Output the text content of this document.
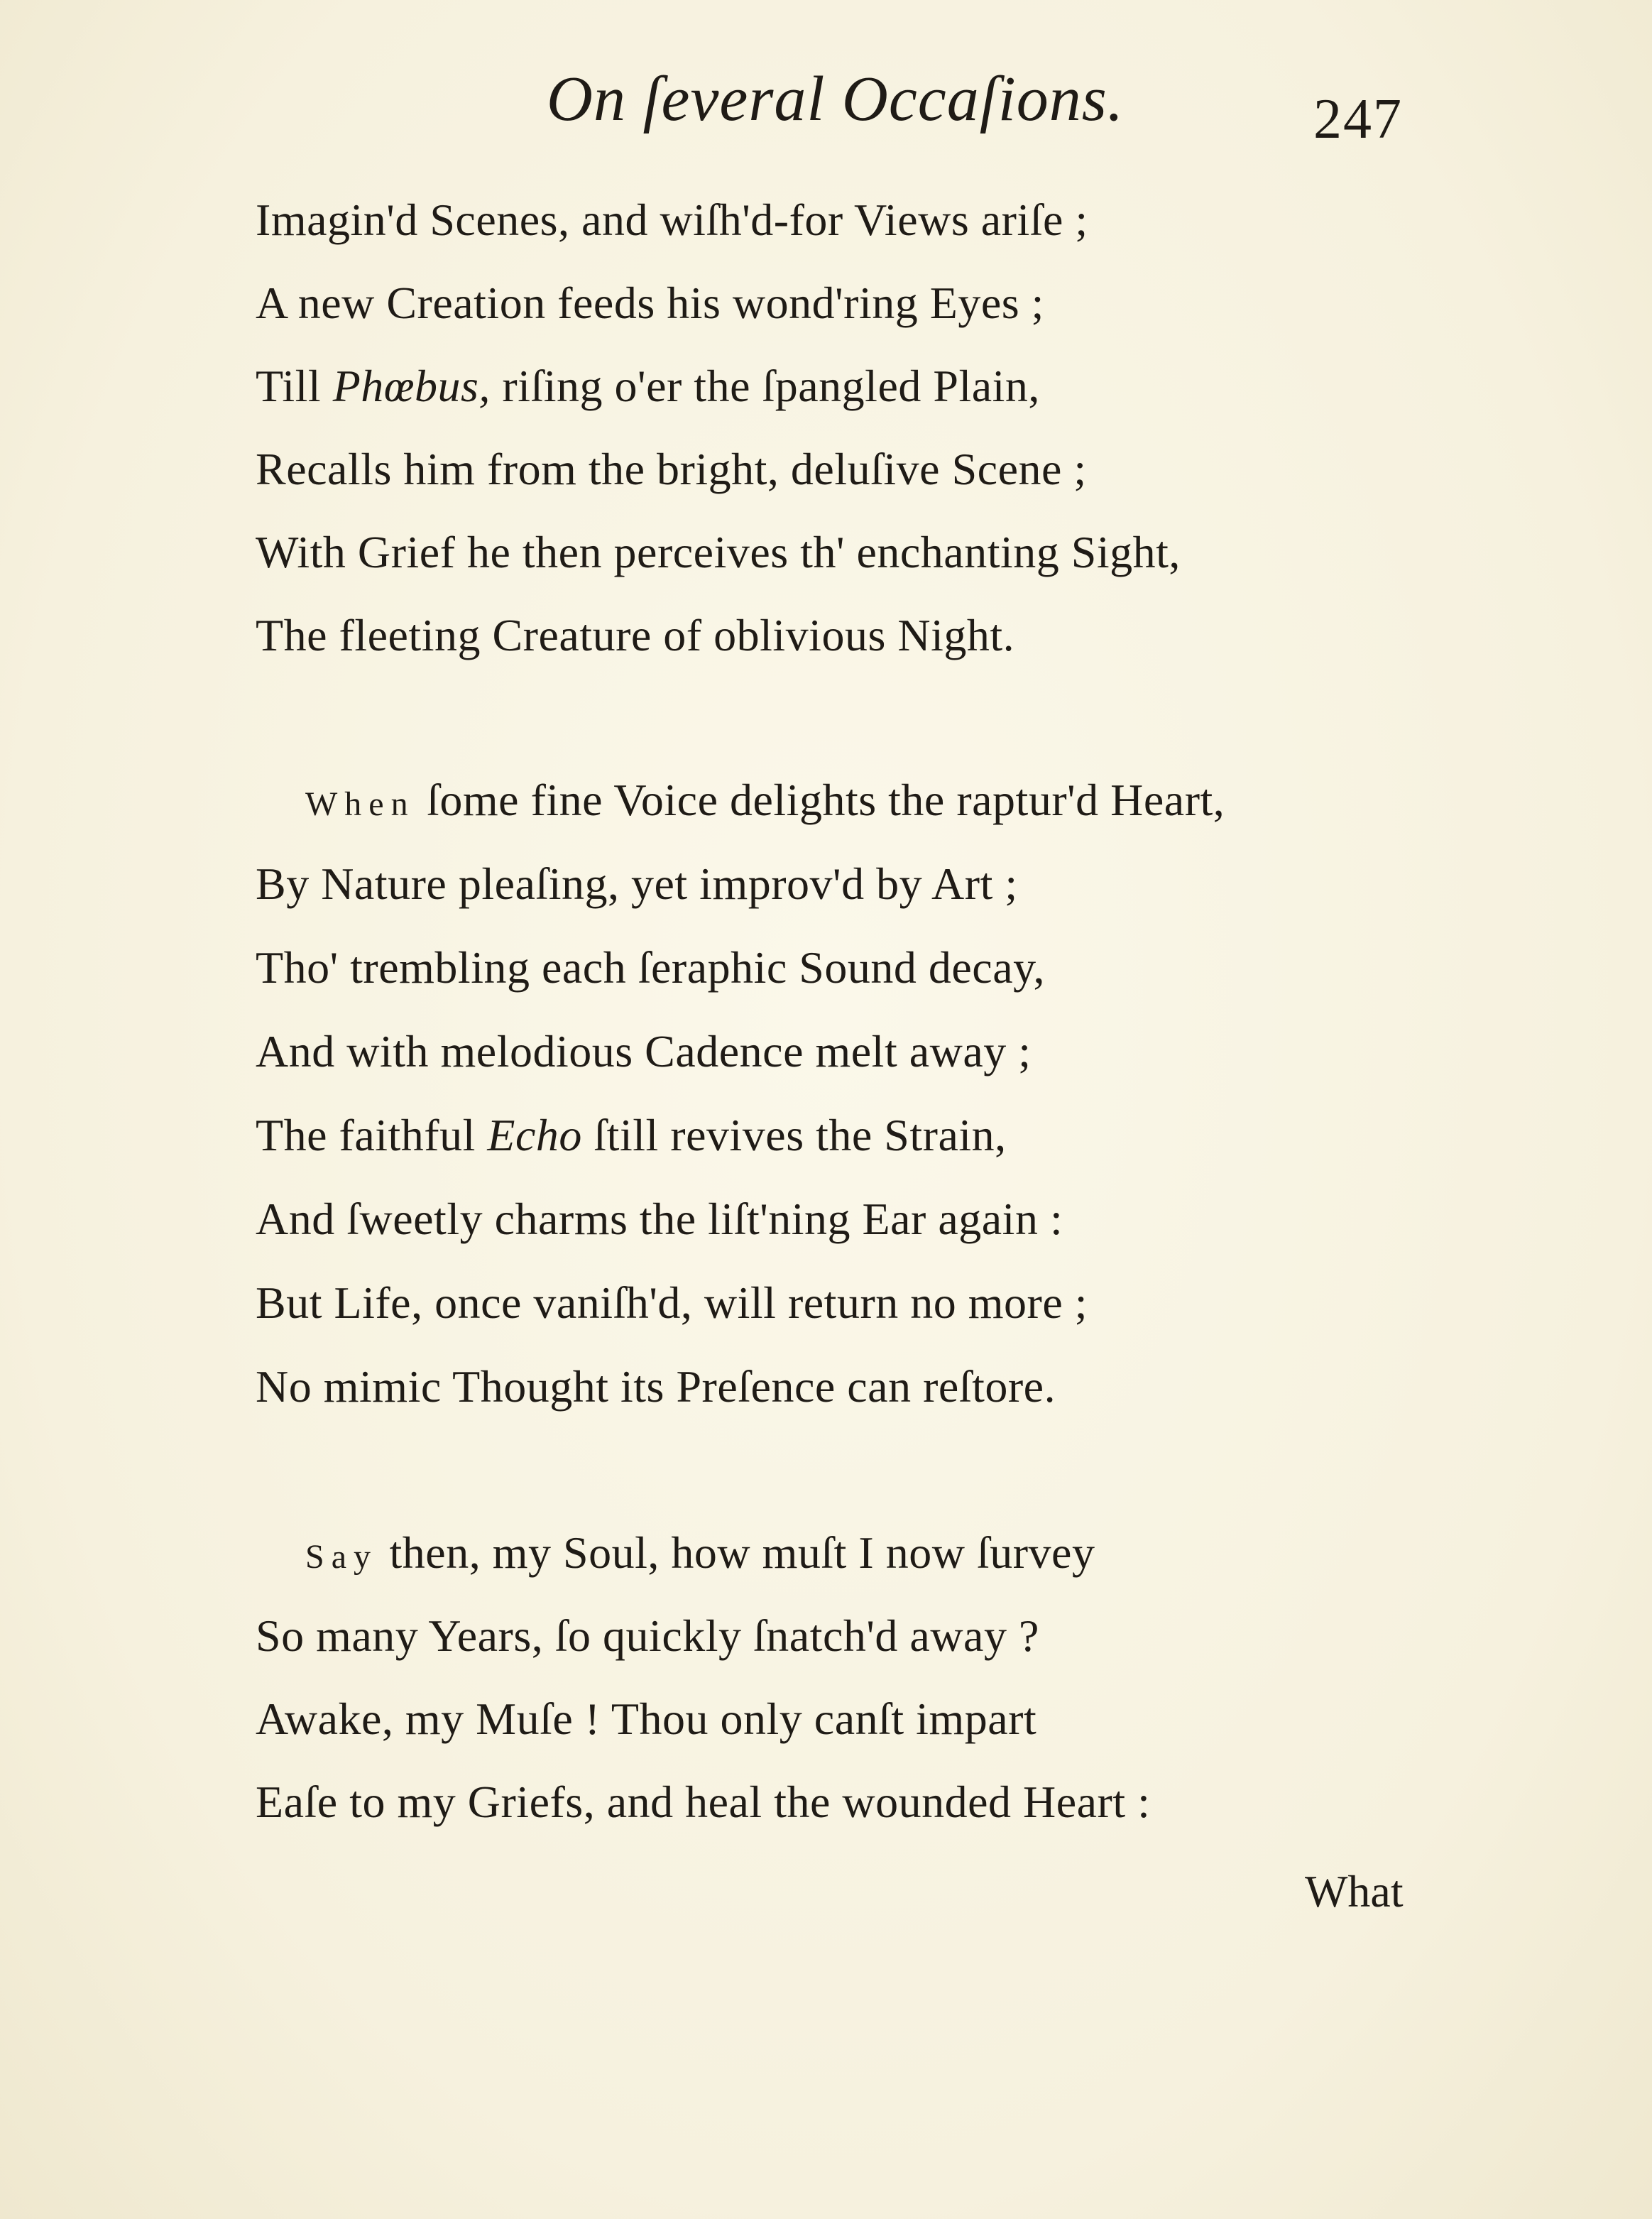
On ſeveral Occaſions.	247
Imagin'd Scenes, and wiſh'd-for Views ariſe ;
A new Creation feeds his wond'ring Eyes ;
Till Phœbus, riſing o'er the ſpangled Plain,
Recalls him from the bright, deluſive Scene ;
With Grief he then perceives th' enchanting Sight,
The fleeting Creature of oblivious Night.
When ſome fine Voice delights the raptur'd Heart,
By Nature pleaſing, yet improv'd by Art ;
Tho' trembling each ſeraphic Sound decay,
And with melodious Cadence melt away ;
The faithful Echo ſtill revives the Strain,
And ſweetly charms the liſt'ning Ear again :
But Life, once vaniſh'd, will return no more ;
No mimic Thought its Preſence can reſtore.
Say then, my Soul, how muſt I now ſurvey
So many Years, ſo quickly ſnatch'd away ?
Awake, my Muſe ! Thou only canſt impart
Eaſe to my Griefs, and heal the wounded Heart :
What
